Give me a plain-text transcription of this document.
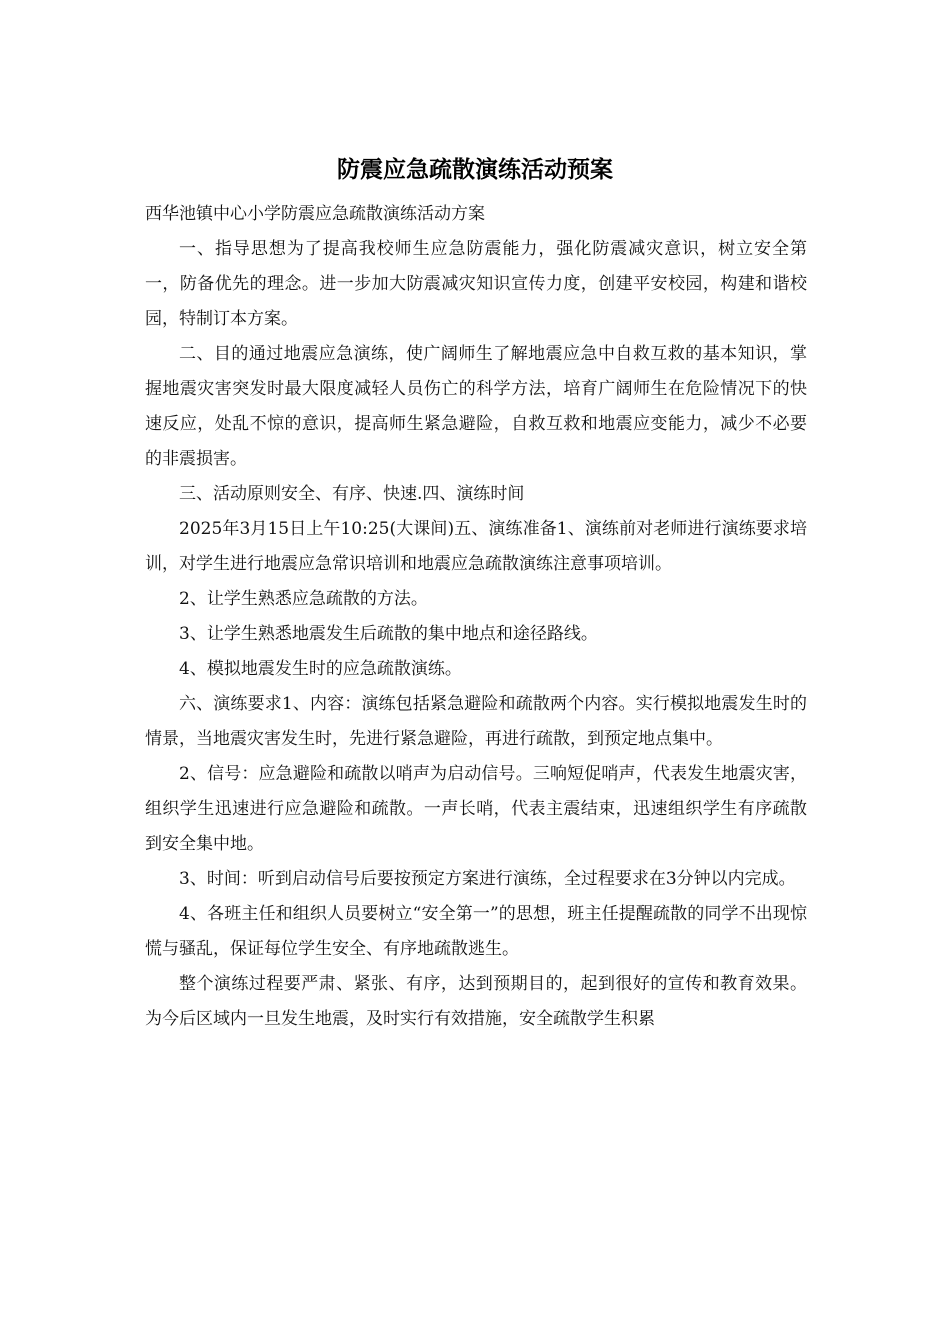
防震应急疏散演练活动预案

西华池镇中心小学防震应急疏散演练活动方案

一、指导思想为了提高我校师生应急防震能力，强化防震减灾意识，树立安全第一，防备优先的理念。进一步加大防震减灾知识宣传力度，创建平安校园，构建和谐校园，特制订本方案。

二、目的通过地震应急演练，使广阔师生了解地震应急中自救互救的基本知识，掌握地震灾害突发时最大限度减轻人员伤亡的科学方法，培育广阔师生在危险情况下的快速反应，处乱不惊的意识，提高师生紧急避险，自救互救和地震应变能力，减少不必要的非震损害。

三、活动原则安全、有序、快速.四、演练时间

2025年3月15日上午10:25(大课间)五、演练准备1、演练前对老师进行演练要求培训，对学生进行地震应急常识培训和地震应急疏散演练注意事项培训。

2、让学生熟悉应急疏散的方法。

3、让学生熟悉地震发生后疏散的集中地点和途径路线。

4、模拟地震发生时的应急疏散演练。

六、演练要求1、内容：演练包括紧急避险和疏散两个内容。实行模拟地震发生时的情景，当地震灾害发生时，先进行紧急避险，再进行疏散，到预定地点集中。

2、信号：应急避险和疏散以哨声为启动信号。三响短促哨声，代表发生地震灾害，组织学生迅速进行应急避险和疏散。一声长哨，代表主震结束，迅速组织学生有序疏散到安全集中地。

3、时间：听到启动信号后要按预定方案进行演练，全过程要求在3分钟以内完成。

4、各班主任和组织人员要树立“安全第一”的思想，班主任提醒疏散的同学不出现惊慌与骚乱，保证每位学生安全、有序地疏散逃生。

整个演练过程要严肃、紧张、有序，达到预期目的，起到很好的宣传和教育效果。为今后区域内一旦发生地震，及时实行有效措施，安全疏散学生积累
